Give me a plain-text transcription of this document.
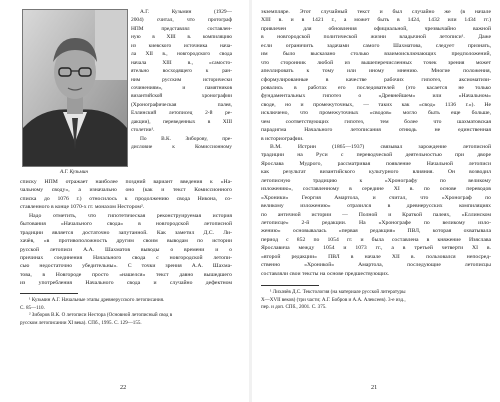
А.Г. Кузьмин
А.Г. Кузьмин (1929—
2004) считал, что протограф
НПМ представлял составлен-
ную в XIII в. компиляцию
из киевского источника нача-
ла XII в., новгородского свода
начала XIII в., «самосто-
ятельно восходящего к ран-
ним русским исторически
сочинениям», и памятников
византийской хронографии
(Хронографическая палея,
Еллинский летописец 2-й ре-
дакции), переведенных в XIII
столетии¹.
По В.К. Зиборову, пре-
дисловие к Комиссионному
списку НПМ отражает наиболее поздний вариант введения к «На-
чальному своду», а изначально оно (как и текст Комиссионного
списка до 1076 г.) относилось к продолжению свода Никона, со-
ставленного в конце 1070-х гг. монахом Нестором².
Надо отметить, что гипотетическая реконструируемая история
бытования «Начального свода» в новгородской летописной
традиции является достаточно запутанной. Как заметил Д.С. Ли-
хачёв, «в противоположность другим своим выводам по истории
русской летописи А.А. Шахматов выводы о времени и о
причинах соединения Начального свода с новгородской летопи-
сью недостаточно убедительны». С точки зрения А.А. Шахма-
това, в Новгороде просто «нашелся» текст давно вышедшего
из употребления Начального свода и случайно дефектном
¹ Кузьмин А.Г. Начальные этапы древнерусского летописания.
С. 85—110.
² Зиборов В.К. О летописи Нестора (Основной летописный свод в
русском летописании XI века). СПб., 1995. С. 129—155.
22
экземпляре. Этот случайный текст и был случайно же (в начале
XIII в. и в 1421 г., а может быть в 1424, 1432 или 1434 гг.)
привлечен для обновления официальной, чрезвычайно важной
в новгородской политической жизни владычной летописи¹. Даже
если ограничить задачами самого Шахматова, следует признать,
им было высказано столько взаимоисключающих предположений,
что сторонник любой из вышеперечисленных точек зрения может
апеллировать к тому или иному мнению. Многие положения,
сформулированные в качестве рабочих гипотез, аксиоматизи-
ровались в работах его последователей (это касается не только
фундаментальных гипотез о «Древнейшем» или «Начальном»
своде, но и промежуточных, — таких как «свод» 1136 г.»). Не
исключено, что промежуточных «сводов» могло быть еще больше,
чем соответствующих гипотез, тем более что шахматовская
парадигма Начального летописания отнюдь не единственная
в историографии.
В.М. Истрин (1865—1937) связывал зарождение летописной
традиции на Руси с переводческой деятельностью при дворе
Ярослава Мудрого, рассматривая появление Начальной летописи
как результат византийского культурного влияния. Он возводил
летописную традицию к «Хронографу по великому
изложению», составленному в середине XI в. по основе переводов
«Хроники» Георгия Амартола, и считал, что «Хронограф по
великому изложению» отразился в древнерусских компиляциях
по античной истории — Полной и Краткой палеях, «Еллинском
летописце» 2-й редакции. На «Хронографе по великому изло-
жению» основывалась «первая редакция» ПВЛ, которая охватывала
период с 852 по 1054 гг. и была составлена в княжение Изяслава
Ярославича между 1054 и 1073 гг., а в третьей четверти XI в.
«второй редакции» ПВЛ в начале XII в. пользовался непосред-
ственно «Хроникой» Амартола, последующие летописцы
составляли свои тексты на основе предшествующих.
¹ Лихачёв Д.С. Текстология (на материале русской литературы
X—XVII веков) (три части; А.Г. Бобров и А.А. Алексеев). 3-е изд.,
пер. и доп. СПб., 2001. С. 375.
21
